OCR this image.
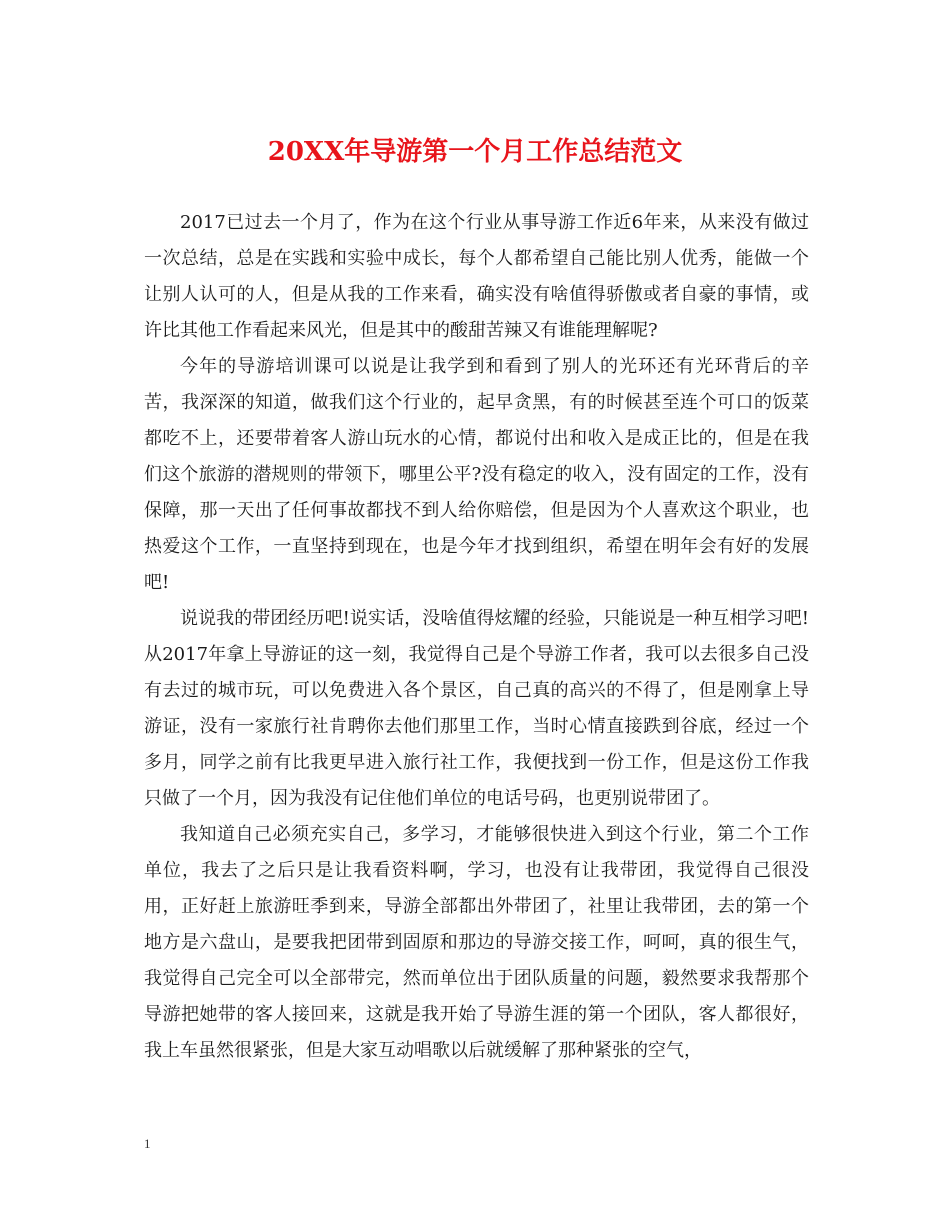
20XX年导游第一个月工作总结范文

2017已过去一个月了，作为在这个行业从事导游工作近6年来，从来没有做过一次总结，总是在实践和实验中成长，每个人都希望自己能比别人优秀，能做一个让别人认可的人，但是从我的工作来看，确实没有啥值得骄傲或者自豪的事情，或许比其他工作看起来风光，但是其中的酸甜苦辣又有谁能理解呢?

今年的导游培训课可以说是让我学到和看到了别人的光环还有光环背后的辛苦，我深深的知道，做我们这个行业的，起早贪黑，有的时候甚至连个可口的饭菜都吃不上，还要带着客人游山玩水的心情，都说付出和收入是成正比的，但是在我们这个旅游的潜规则的带领下，哪里公平?没有稳定的收入，没有固定的工作，没有保障，那一天出了任何事故都找不到人给你赔偿，但是因为个人喜欢这个职业，也热爱这个工作，一直坚持到现在，也是今年才找到组织，希望在明年会有好的发展吧!

说说我的带团经历吧!说实话，没啥值得炫耀的经验，只能说是一种互相学习吧!从2017年拿上导游证的这一刻，我觉得自己是个导游工作者，我可以去很多自己没有去过的城市玩，可以免费进入各个景区，自己真的高兴的不得了，但是刚拿上导游证，没有一家旅行社肯聘你去他们那里工作，当时心情直接跌到谷底，经过一个多月，同学之前有比我更早进入旅行社工作，我便找到一份工作，但是这份工作我只做了一个月，因为我没有记住他们单位的电话号码，也更别说带团了。

我知道自己必须充实自己，多学习，才能够很快进入到这个行业，第二个工作单位，我去了之后只是让我看资料啊，学习，也没有让我带团，我觉得自己很没用，正好赶上旅游旺季到来，导游全部都出外带团了，社里让我带团，去的第一个地方是六盘山，是要我把团带到固原和那边的导游交接工作，呵呵，真的很生气，我觉得自己完全可以全部带完，然而单位出于团队质量的问题，毅然要求我帮那个导游把她带的客人接回来，这就是我开始了导游生涯的第一个团队，客人都很好，我上车虽然很紧张，但是大家互动唱歌以后就缓解了那种紧张的空气，

1
